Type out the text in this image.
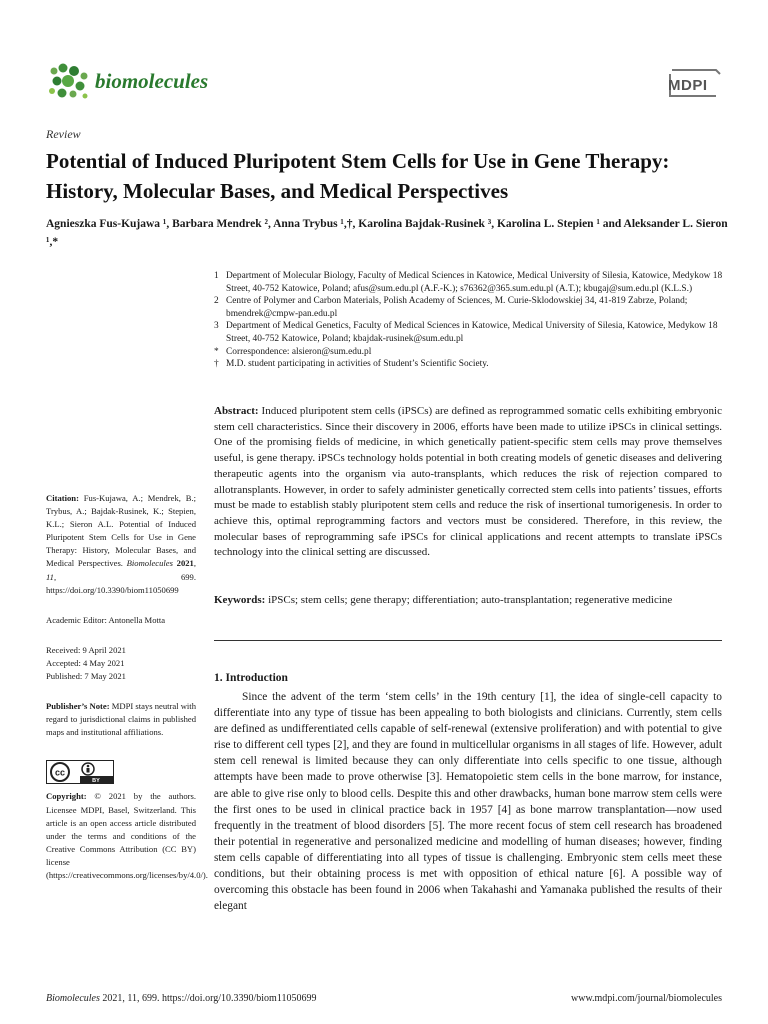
biomolecules	MDPI
Review
Potential of Induced Pluripotent Stem Cells for Use in Gene Therapy: History, Molecular Bases, and Medical Perspectives
Agnieszka Fus-Kujawa ¹, Barbara Mendrek ², Anna Trybus ¹,†, Karolina Bajdak-Rusinek ³, Karolina L. Stepien ¹ and Aleksander L. Sieron ¹,*
1 Department of Molecular Biology, Faculty of Medical Sciences in Katowice, Medical University of Silesia, Katowice, Medykow 18 Street, 40-752 Katowice, Poland; afus@sum.edu.pl (A.F.-K.); s76362@365.sum.edu.pl (A.T.); kbugaj@sum.edu.pl (K.L.S.)
2 Centre of Polymer and Carbon Materials, Polish Academy of Sciences, M. Curie-Sklodowskiej 34, 41-819 Zabrze, Poland; bmendrek@cmpw-pan.edu.pl
3 Department of Medical Genetics, Faculty of Medical Sciences in Katowice, Medical University of Silesia, Katowice, Medykow 18 Street, 40-752 Katowice, Poland; kbajdak-rusinek@sum.edu.pl
* Correspondence: alsieron@sum.edu.pl
† M.D. student participating in activities of Student’s Scientific Society.
Abstract: Induced pluripotent stem cells (iPSCs) are defined as reprogrammed somatic cells exhibiting embryonic stem cell characteristics. Since their discovery in 2006, efforts have been made to utilize iPSCs in clinical settings. One of the promising fields of medicine, in which genetically patient-specific stem cells may prove themselves useful, is gene therapy. iPSCs technology holds potential in both creating models of genetic diseases and delivering therapeutic agents into the organism via auto-transplants, which reduces the risk of rejection compared to allotransplants. However, in order to safely administer genetically corrected stem cells into patients’ tissues, efforts must be made to establish stably pluripotent stem cells and reduce the risk of insertional tumorigenesis. In order to achieve this, optimal reprogramming factors and vectors must be considered. Therefore, in this review, the molecular bases of reprogramming safe iPSCs for clinical applications and recent attempts to translate iPSCs technology into the clinical setting are discussed.
Keywords: iPSCs; stem cells; gene therapy; differentiation; auto-transplantation; regenerative medicine

Citation: Fus-Kujawa, A.; Mendrek, B.; Trybus, A.; Bajdak-Rusinek, K.; Stepien, K.L.; Sieron A.L. Potential of Induced Pluripotent Stem Cells for Use in Gene Therapy: History, Molecular Bases, and Medical Perspectives. Biomolecules 2021, 11, 699. https://doi.org/10.3390/biom11050699

Academic Editor: Antonella Motta

Received: 9 April 2021

Accepted: 4 May 2021

Published: 7 May 2021

Publisher’s Note: MDPI stays neutral with regard to jurisdictional claims in published maps and institutional affiliations.

cc
BY

Copyright: © 2021 by the authors. Licensee MDPI, Basel, Switzerland. This article is an open access article distributed under the terms and conditions of the Creative Commons Attribution (CC BY) license (https://creativecommons.org/licenses/by/4.0/).

1. Introduction
Since the advent of the term ‘stem cells’ in the 19th century [1], the idea of single-cell capacity to differentiate into any type of tissue has been appealing to both biologists and clinicians. Currently, stem cells are defined as undifferentiated cells capable of self-renewal (extensive proliferation) and with potential to give rise to different cell types [2], and they are found in multicellular organisms in all stages of life. However, adult stem cell renewal is limited because they can only differentiate into cells specific to one tissue, although attempts have been made to prove otherwise [3]. Hematopoietic stem cells in the bone marrow, for instance, are able to give rise only to blood cells. Despite this and other drawbacks, human bone marrow stem cells were the first ones to be used in clinical practice back in 1957 [4] as bone marrow transplantation—now used frequently in the treatment of blood disorders [5]. The more recent focus of stem cell research has broadened their potential in regenerative and personalized medicine and modelling of human diseases; however, finding stem cells capable of differentiating into all types of tissue is challenging. Embryonic stem cells meet these conditions, but their obtaining process is met with opposition of ethical nature [6]. A possible way of overcoming this obstacle has been found in 2006 when Takahashi and Yamanaka published the results of their elegant
Biomolecules 2021, 11, 699. https://doi.org/10.3390/biom11050699	www.mdpi.com/journal/biomolecules
